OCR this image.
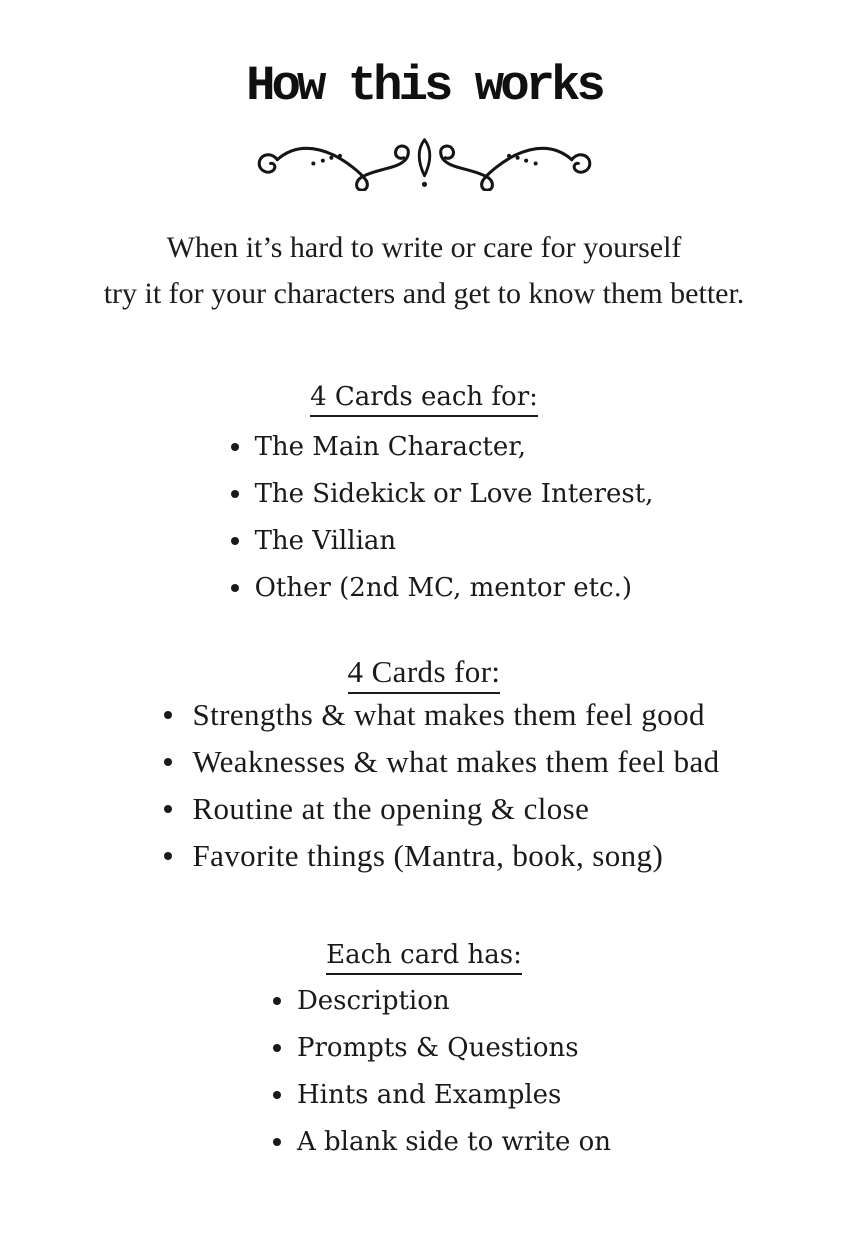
How this works

When it’s hard to write or care for yourself
try it for your characters and get to know them better.

4 Cards each for:
The Main Character,
The Sidekick or Love Interest,
The Villian
Other (2nd MC, mentor etc.)
4 Cards for:
Strengths & what makes them feel good
Weaknesses & what makes them feel bad
Routine at the opening & close
Favorite things (Mantra, book, song)
Each card has:
Description
Prompts & Questions
Hints and Examples
A blank side to write on
